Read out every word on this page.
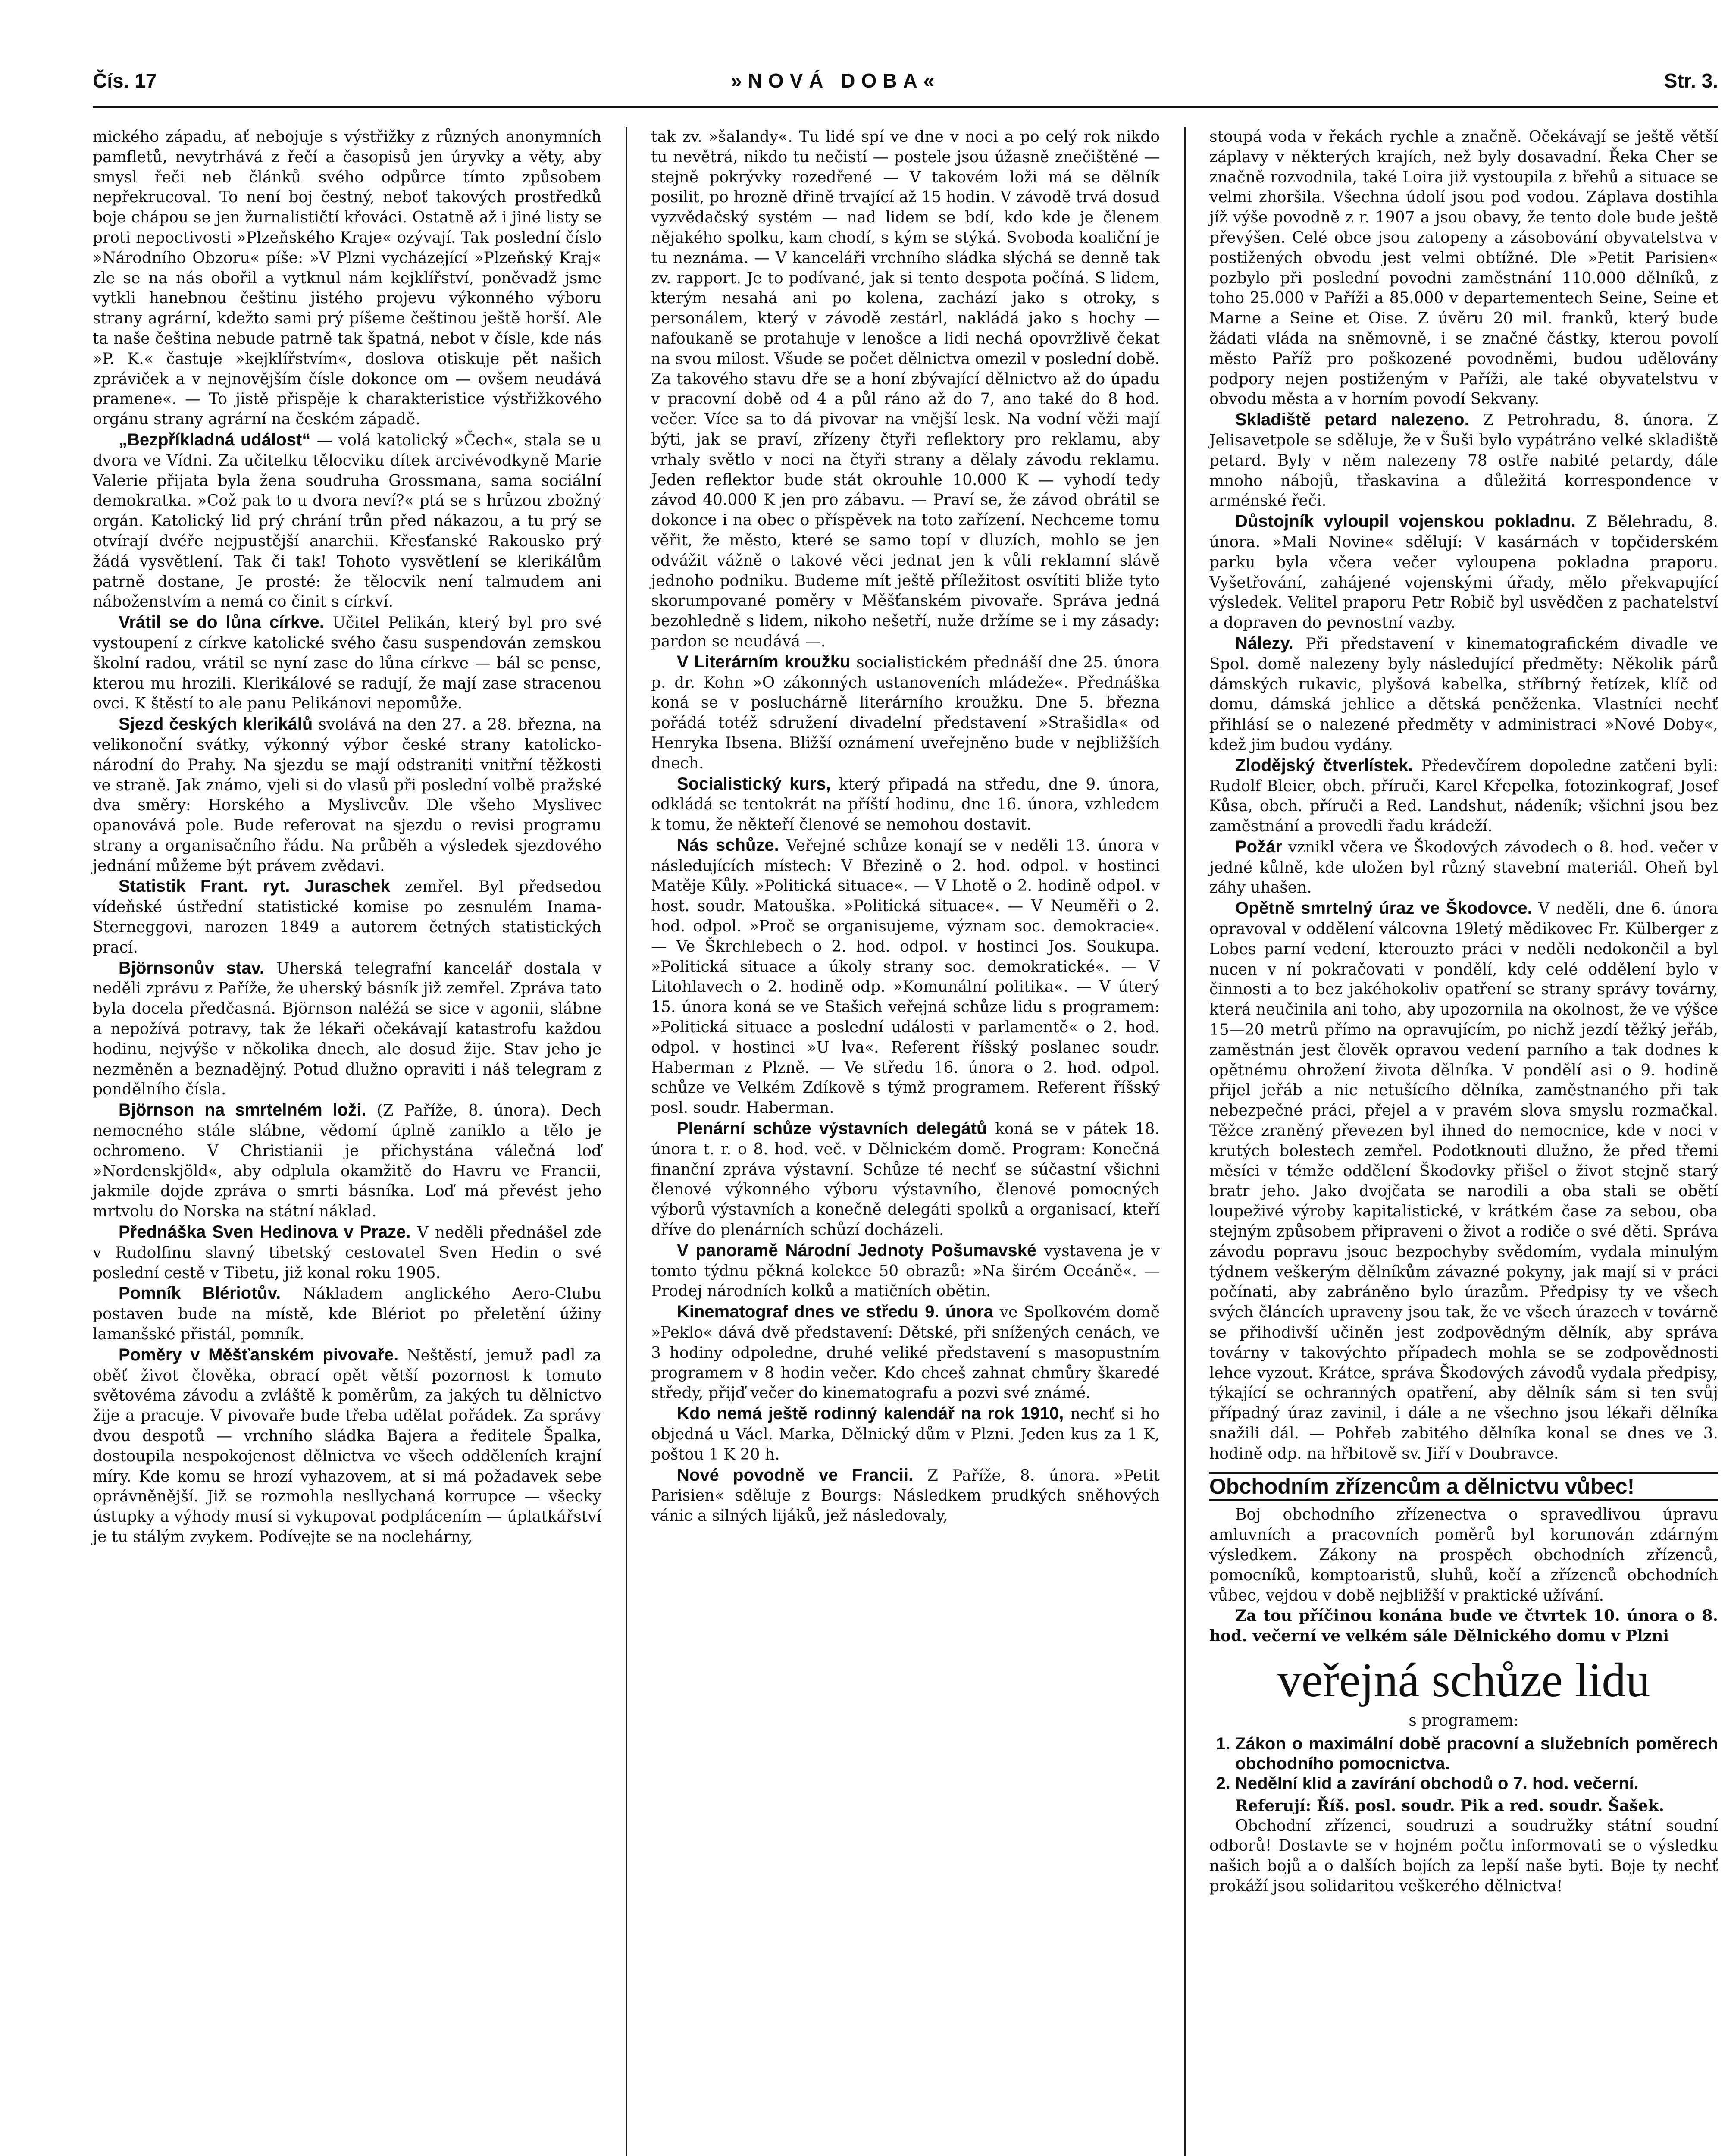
Čís. 17	»NOVÁ DOBA«	Str. 3.

mického západu, ať nebojuje s výstřižky z různých anonymních pamfletů, nevytrhává z řečí a časopisů jen úryvky a věty, aby smysl řeči neb článků svého odpůrce tímto způsobem nepřekrucoval. To není boj čestný, neboť takových prostředků boje chápou se jen žurnalističtí křováci. Ostatně až i jiné listy se proti nepoctivosti »Plzeňského Kraje« ozývají. Tak poslední číslo »Národního Obzoru« píše: »V Plzni vycházející »Plzeňský Kraj« zle se na nás obořil a vytknul nám kejklířství, poněvadž jsme vytkli hanebnou češtinu jistého projevu výkonného výboru strany agrární, kdežto sami prý píšeme češtinou ještě horší. Ale ta naše čeština nebude patrně tak špatná, nebot v čísle, kde nás »P. K.« častuje »kejklířstvím«, doslova otiskuje pět našich zpráviček a v nejnovějším čísle dokonce om — ovšem neudává pramene«. — To jistě přispěje k charakteristice výstřižkového orgánu strany agrární na českém západě.

„Bezpříkladná událost“ — volá katolický »Čech«, stala se u dvora ve Vídni. Za učitelku tělocviku dítek arcivévodkyně Marie Valerie přijata byla žena soudruha Grossmana, sama sociální demokratka. »Což pak to u dvora neví?« ptá se s hrůzou zbožný orgán. Katolický lid prý chrání trůn před nákazou, a tu prý se otvírají dvéře nejpustější anarchii. Křesťanské Rakousko prý žádá vysvětlení. Tak či tak! Tohoto vysvětlení se klerikálům patrně dostane, Je prosté: že tělocvik není talmudem ani náboženstvím a nemá co činit s církví.

Vrátil se do lůna církve. Učitel Pelikán, který byl pro své vystoupení z církve katolické svého času suspendován zemskou školní radou, vrátil se nyní zase do lůna církve — bál se pense, kterou mu hrozili. Klerikálové se radují, že mají zase stracenou ovci. K štěstí to ale panu Pelikánovi nepomůže.

Sjezd českých klerikálů svolává na den 27. a 28. března, na velikonoční svátky, výkonný výbor české strany katolicko-národní do Prahy. Na sjezdu se mají odstraniti vnitřní těžkosti ve straně. Jak známo, vjeli si do vlasů při poslední volbě pražské dva směry: Horského a Myslivcův. Dle všeho Myslivec opanovává pole. Bude referovat na sjezdu o revisi programu strany a organisačního řádu. Na průběh a výsledek sjezdového jednání můžeme být právem zvědavi.

Statistik Frant. ryt. Juraschek zemřel. Byl předsedou vídeňské ústřední statistické komise po zesnulém Inama-Sterneggovi, narozen 1849 a autorem četných statistických prací.

Björnsonův stav. Uherská telegrafní kancelář dostala v neděli zprávu z Paříže, že uherský básník již zemřel. Zpráva tato byla docela předčasná. Björnson naléžá se sice v agonii, slábne a nepožívá potravy, tak že lékaři očekávají katastrofu každou hodinu, nejvýše v několika dnech, ale dosud žije. Stav jeho je nezměněn a beznadějný. Potud dlužno opraviti i náš telegram z pondělního čísla.

Björnson na smrtelném loži. (Z Paříže, 8. února). Dech nemocného stále slábne, vědomí úplně zaniklo a tělo je ochromeno. V Christianii je přichystána válečná loď »Nordenskjöld«, aby odplula okamžitě do Havru ve Francii, jakmile dojde zpráva o smrti básníka. Loď má převést jeho mrtvolu do Norska na státní náklad.

Přednáška Sven Hedinova v Praze. V neděli přednášel zde v Rudolfinu slavný tibetský cestovatel Sven Hedin o své poslední cestě v Tibetu, již konal roku 1905.

Pomník Blériotův. Nákladem anglického Aero-Clubu postaven bude na místě, kde Blériot po přeletění úžiny lamanšské přistál, pomník.

Poměry v Měšťanském pivovaře. Neštěstí, jemuž padl za oběť život člověka, obrací opět větší pozornost k tomuto světovéma závodu a zvláště k poměrům, za jakých tu dělnictvo žije a pracuje. V pivovaře bude třeba udělat pořádek. Za správy dvou despotů — vrchního sládka Bajera a ředitele Špalka, dostoupila nespokojenost dělnictva ve všech odděleních krajní míry. Kde komu se hrozí vyhazovem, at si má požadavek sebe oprávněnější. Již se rozmohla nesllychaná korrupce — všecky ústupky a výhody musí si vykupovat podplácením — úplatkářství je tu stálým zvykem. Podívejte se na noclehárny,

tak zv. »šalandy«. Tu lidé spí ve dne v noci a po celý rok nikdo tu nevětrá, nikdo tu nečistí — postele jsou úžasně znečištěné — stejně pokrývky rozedřené — V takovém loži má se dělník posilit, po hrozně dřině trvající až 15 hodin. V závodě trvá dosud vyzvědačský systém — nad lidem se bdí, kdo kde je členem nějakého spolku, kam chodí, s kým se stýká. Svoboda koaliční je tu neznáma. — V kanceláři vrchního sládka slýchá se denně tak zv. rapport. Je to podívané, jak si tento despota počíná. S lidem, kterým nesahá ani po kolena, zachází jako s otroky, s personálem, který v závodě zestárl, nakládá jako s hochy — nafoukaně se protahuje v lenošce a lidi nechá opovržlivě čekat na svou milost. Všude se počet dělnictva omezil v poslední době. Za takového stavu dře se a honí zbývající dělnictvo až do úpadu v pracovní době od 4 a půl ráno až do 7, ano také do 8 hod. večer. Více sa to dá pivovar na vnější lesk. Na vodní věži mají býti, jak se praví, zřízeny čtyři reflektory pro reklamu, aby vrhaly světlo v noci na čtyři strany a dělaly závodu reklamu. Jeden reflektor bude stát okrouhle 10.000 K — vyhodí tedy závod 40.000 K jen pro zábavu. — Praví se, že závod obrátil se dokonce i na obec o příspěvek na toto zařízení. Nechceme tomu věřit, že město, které se samo topí v dluzích, mohlo se jen odvážit vážně o takové věci jednat jen k vůli reklamní slávě jednoho podniku. Budeme mít ještě příležitost osvítiti bliže tyto skorumpované poměry v Měšťanském pivovaře. Správa jedná bezohledně s lidem, nikoho nešetří, nuže držíme se i my zásady: pardon se neudává —.

V Literárním kroužku socialistickém přednáší dne 25. února p. dr. Kohn »O zákonných ustanoveních mládeže«. Přednáška koná se v posluchárně literárního kroužku. Dne 5. března pořádá totéž sdružení divadelní představení »Strašidla« od Henryka Ibsena. Bližší oznámení uveřejněno bude v nejbližších dnech.

Socialistický kurs, který připadá na středu, dne 9. února, odkládá se tentokrát na příští hodinu, dne 16. února, vzhledem k tomu, že někteří členové se nemohou dostavit.

Nás schůze. Veřejné schůze konají se v neděli 13. února v následujících místech: V Březině o 2. hod. odpol. v hostinci Matěje Kůly. »Politická situace«. — V Lhotě o 2. hodině odpol. v host. soudr. Matouška. »Politická situace«. — V Neuměři o 2. hod. odpol. »Proč se organisujeme, význam soc. demokracie«. — Ve Škrchlebech o 2. hod. odpol. v hostinci Jos. Soukupa. »Politická situace a úkoly strany soc. demokratické«. — V Litohlavech o 2. hodině odp. »Komunální politika«. — V úterý 15. února koná se ve Stašich veřejná schůze lidu s programem: »Politická situace a poslední události v parlamentě« o 2. hod. odpol. v hostinci »U lva«. Referent říšský poslanec soudr. Haberman z Plzně. — Ve středu 16. února o 2. hod. odpol. schůze ve Velkém Zdíkově s týmž programem. Referent říšský posl. soudr. Haberman.

Plenární schůze výstavních delegátů koná se v pátek 18. února t. r. o 8. hod. več. v Dělnickém domě. Program: Konečná finanční zpráva výstavní. Schůze té nechť se súčastní všichni členové výkonného výboru výstavního, členové pomocných výborů výstavních a konečně delegáti spolků a organisací, kteří dříve do plenárních schůzí docházeli.

V panoramě Národní Jednoty Pošumavské vystavena je v tomto týdnu pěkná kolekce 50 obrazů: »Na širém Oceáně«. — Prodej národních kolků a matičních obětin.

Kinematograf dnes ve středu 9. února ve Spolkovém domě »Peklo« dává dvě představení: Dětské, při snížených cenách, ve 3 hodiny odpoledne, druhé veliké představení s masopustním programem v 8 hodin večer. Kdo chceš zahnat chmůry škaredé středy, přijď večer do kinematografu a pozvi své známé.

Kdo nemá ještě rodinný kalendář na rok 1910, nechť si ho objedná u Václ. Marka, Dělnický dům v Plzni. Jeden kus za 1 K, poštou 1 K 20 h.

Nové povodně ve Francii. Z Paříže, 8. února. »Petit Parisien« sděluje z Bourgs: Následkem prudkých sněhových vánic a silných lijáků, jež následovaly,

stoupá voda v řekách rychle a značně. Očekávají se ještě větší záplavy v některých krajích, než byly dosavadní. Řeka Cher se značně rozvodnila, také Loira již vystoupila z břehů a situace se velmi zhoršila. Všechna údolí jsou pod vodou. Záplava dostihla jíž výše povodně z r. 1907 a jsou obavy, že tento dole bude ještě převýšen. Celé obce jsou zatopeny a zásobování obyvatelstva v postižených obvodu jest velmi obtížné. Dle »Petit Parisien« pozbylo při poslední povodni zaměstnání 110.000 dělníků, z toho 25.000 v Paříži a 85.000 v departementech Seine, Seine et Marne a Seine et Oise. Z úvěru 20 mil. franků, který bude žádati vláda na sněmovně, i se značné částky, kterou povolí město Paříž pro poškozené povodněmi, budou udělovány podpory nejen postiženým v Paříži, ale také obyvatelstvu v obvodu města a v horním povodí Sekvany.

Skladiště petard nalezeno. Z Petrohradu, 8. února. Z Jelisavetpole se sděluje, že v Šuši bylo vypátráno velké skladiště petard. Byly v něm nalezeny 78 ostře nabité petardy, dále mnoho nábojů, třaskavina a důležitá korrespondence v arménské řeči.

Důstojník vyloupil vojenskou pokladnu. Z Bělehradu, 8. února. »Mali Novine« sdělují: V kasárnách v topčiderském parku byla včera večer vyloupena pokladna praporu. Vyšetřování, zahájené vojenskými úřady, mělo překvapující výsledek. Velitel praporu Petr Robič byl usvědčen z pachatelství a dopraven do pevnostní vazby.

Nálezy. Při představení v kinematografickém divadle ve Spol. domě nalezeny byly následující předměty: Několik párů dámských rukavic, plyšová kabelka, stříbrný řetízek, klíč od domu, dámská jehlice a dětská peněženka. Vlastníci nechť přihlásí se o nalezené předměty v administraci »Nové Doby«, kdež jim budou vydány.

Zlodějský čtverlístek. Předevčírem dopoledne zatčeni byli: Rudolf Bleier, obch. příruči, Karel Křepelka, fotozinkograf, Josef Kůsa, obch. příruči a Red. Landshut, nádeník; všichni jsou bez zaměstnání a provedli řadu krádeží.

Požár vznikl včera ve Škodových závodech o 8. hod. večer v jedné kůlně, kde uložen byl různý stavební materiál. Oheň byl záhy uhašen.

Opětně smrtelný úraz ve Škodovce. V neděli, dne 6. února opravoval v oddělení válcovna 19letý mědikovec Fr. Külberger z Lobes parní vedení, kterouzto práci v neděli nedokončil a byl nucen v ní pokračovati v pondělí, kdy celé oddělení bylo v činnosti a to bez jakéhokoliv opatření se strany správy továrny, která neučinila ani toho, aby upozornila na okolnost, že ve výšce 15—20 metrů přímo na opravujícím, po nichž jezdí těžký jeřáb, zaměstnán jest člověk opravou vedení parního a tak dodnes k opětnému ohrožení života dělníka. V pondělí asi o 9. hodině přijel jeřáb a nic netušícího dělníka, zaměstnaného při tak nebezpečné práci, přejel a v pravém slova smyslu rozmačkal. Těžce zraněný převezen byl ihned do nemocnice, kde v noci v krutých bolestech zemřel. Podotknouti dlužno, že před třemi měsíci v témže oddělení Škodovky přišel o život stejně starý bratr jeho. Jako dvojčata se narodili a oba stali se obětí loupeživé výroby kapitalistické, v krátkém čase za sebou, oba stejným způsobem připraveni o život a rodiče o své děti. Správa závodu popravu jsouc bezpochyby svědomím, vydala minulým týdnem veškerým dělníkům závazné pokyny, jak mají si v práci počínati, aby zabráněno bylo úrazům. Předpisy ty ve všech svých článcích upraveny jsou tak, že ve všech úrazech v továrně se přihodivší učiněn jest zodpovědným dělník, aby správa továrny v takovýchto případech mohla se se zodpovědnosti lehce vyzout. Krátce, správa Škodových závodů vydala předpisy, týkající se ochranných opatření, aby dělník sám si ten svůj případný úraz zavinil, i dále a ne všechno jsou lékaři dělníka snažili dál. — Pohřeb zabitého dělníka konal se dnes ve 3. hodině odp. na hřbitově sv. Jiří v Doubravce.

Obchodním zřízencům a dělnictvu vůbec!

Boj obchodního zřízenectva o spravedlivou úpravu amluvních a pracovních poměrů byl korunován zdárným výsledkem. Zákony na prospěch obchodních zřízenců, pomocníků, komptoaristů, sluhů, kočí a zřízenců obchodních vůbec, vejdou v době nejbližší v praktické užívání.

Za tou příčinou konána bude ve čtvrtek 10. února o 8. hod. večerní ve velkém sále Dělnického domu v Plzni

veřejná schůze lidu

s programem:

1. Zákon o maximální době pracovní a služebních poměrech obchodního pomocnictva.
2. Nedělní klid a zavírání obchodů o 7. hod. večerní.

Referují: Říš. posl. soudr. Pik a red. soudr. Šašek.

Obchodní zřízenci, soudruzi a soudružky státní soudní odborů! Dostavte se v hojném počtu informovati se o výsledku našich bojů a o dalších bojích za lepší naše byti. Boje ty nechť prokáží jsou solidaritou veškerého dělnictva!
